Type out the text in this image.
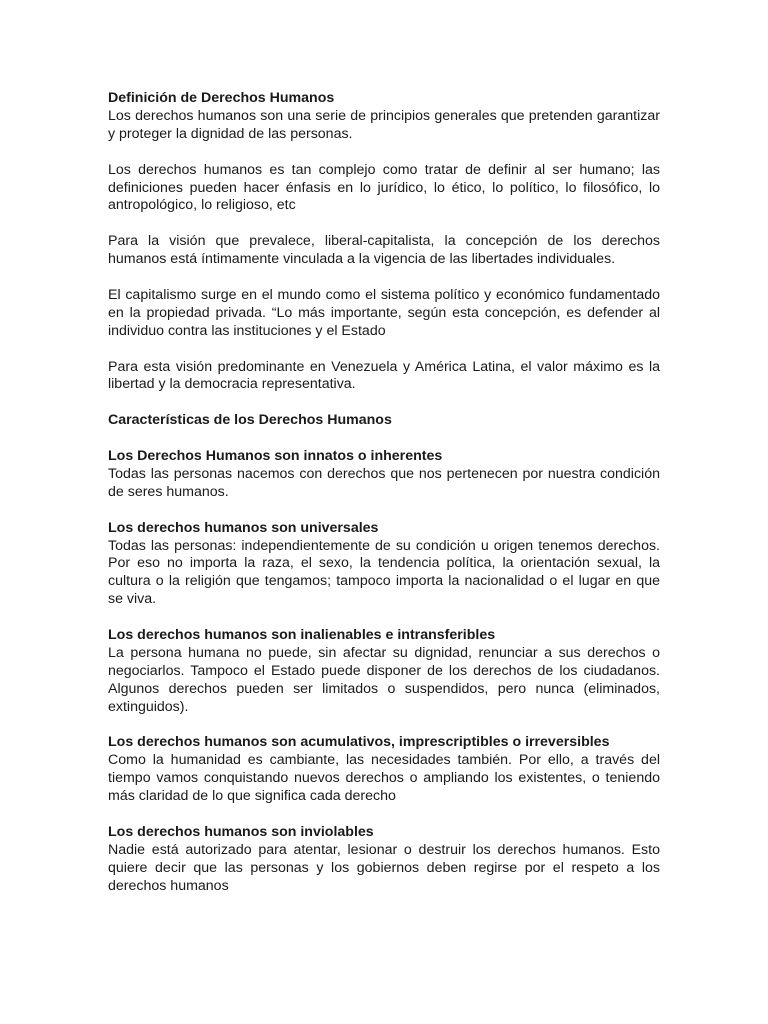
Definición de Derechos Humanos

Los derechos humanos son una serie de principios generales que pretenden garantizar y proteger la dignidad de las personas.

Los derechos humanos es tan complejo como tratar de definir al ser humano; las definiciones pueden hacer énfasis en lo jurídico, lo ético, lo político, lo filosófico, lo antropológico, lo religioso, etc

Para la visión que prevalece, liberal-capitalista, la concepción de los derechos humanos está íntimamente vinculada a la vigencia de las libertades individuales.

El capitalismo surge en el mundo como el sistema político y económico fundamentado en la propiedad privada. “Lo más importante, según esta concepción, es defender al individuo contra las instituciones y el Estado

Para esta visión predominante en Venezuela y América Latina, el valor máximo es la libertad y la democracia representativa.

Características de los Derechos Humanos

Los Derechos Humanos son innatos o inherentes

Todas las personas nacemos con derechos que nos pertenecen por nuestra condición de seres humanos.

Los derechos humanos son universales

Todas las personas: independientemente de su condición u origen tenemos derechos. Por eso no importa la raza, el sexo, la tendencia política, la orientación sexual, la cultura o la religión que tengamos; tampoco importa la nacionalidad o el lugar en que se viva.

Los derechos humanos son inalienables e intransferibles

La persona humana no puede, sin afectar su dignidad, renunciar a sus derechos o negociarlos. Tampoco el Estado puede disponer de los derechos de los ciudadanos. Algunos derechos pueden ser limitados o suspendidos, pero nunca (eliminados, extinguidos).

Los derechos humanos son acumulativos, imprescriptibles o irreversibles

Como la humanidad es cambiante, las necesidades también. Por ello, a través del tiempo vamos conquistando nuevos derechos o ampliando los existentes, o teniendo más claridad de lo que significa cada derecho

Los derechos humanos son inviolables

Nadie está autorizado para atentar, lesionar o destruir los derechos humanos. Esto quiere decir que las personas y los gobiernos deben regirse por el respeto a los derechos humanos
